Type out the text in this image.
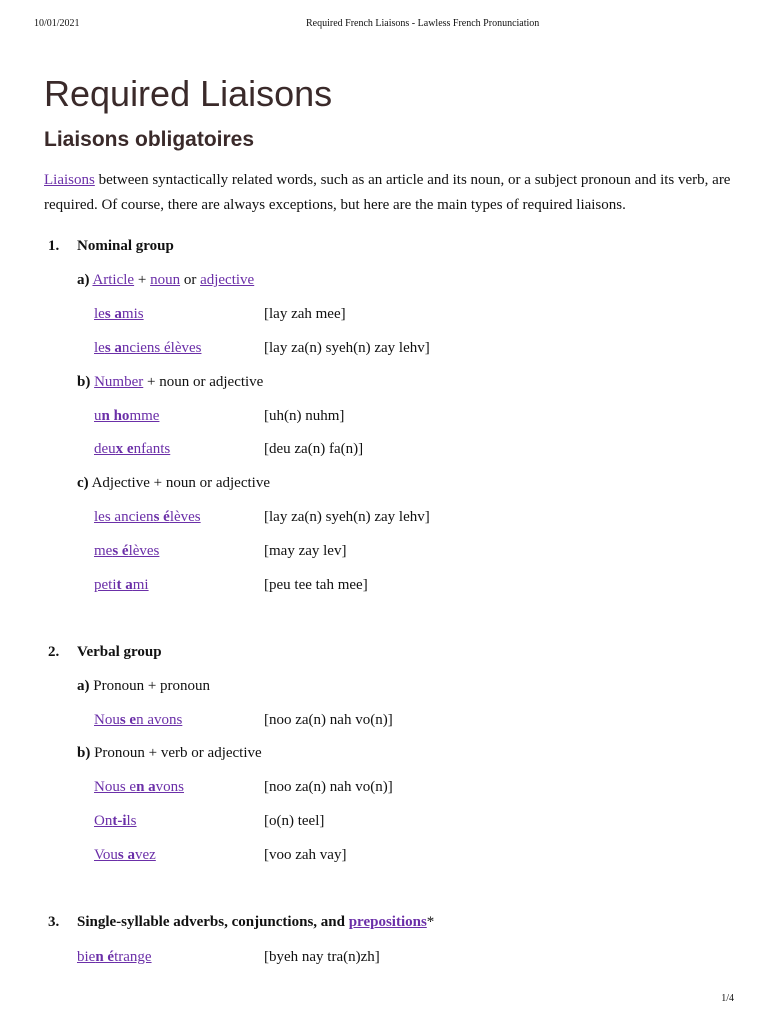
10/01/2021	Required French Liaisons - Lawless French Pronunciation
Required Liaisons
Liaisons obligatoires
Liaisons between syntactically related words, such as an article and its noun, or a subject pronoun and its verb, are required. Of course, there are always exceptions, but here are the main types of required liaisons.
1. Nominal group
a) Article + noun or adjective
les amis	[lay zah mee]
les anciens élèves	[lay za(n) syeh(n) zay lehv]
b) Number + noun or adjective
un homme	[uh(n) nuhm]
deux enfants	[deu za(n) fa(n)]
c) Adjective + noun or adjective
les anciens élèves	[lay za(n) syeh(n) zay lehv]
mes élèves	[may zay lev]
petit ami	[peu tee tah mee]
2. Verbal group
a) Pronoun + pronoun
Nous en avons	[noo za(n) nah vo(n)]
b) Pronoun + verb or adjective
Nous en avons	[noo za(n) nah vo(n)]
Ont-ils	[o(n) teel]
Vous avez	[voo zah vay]
3. Single-syllable adverbs, conjunctions, and prepositions*
bien étrange	[byeh nay tra(n)zh]
1/4
